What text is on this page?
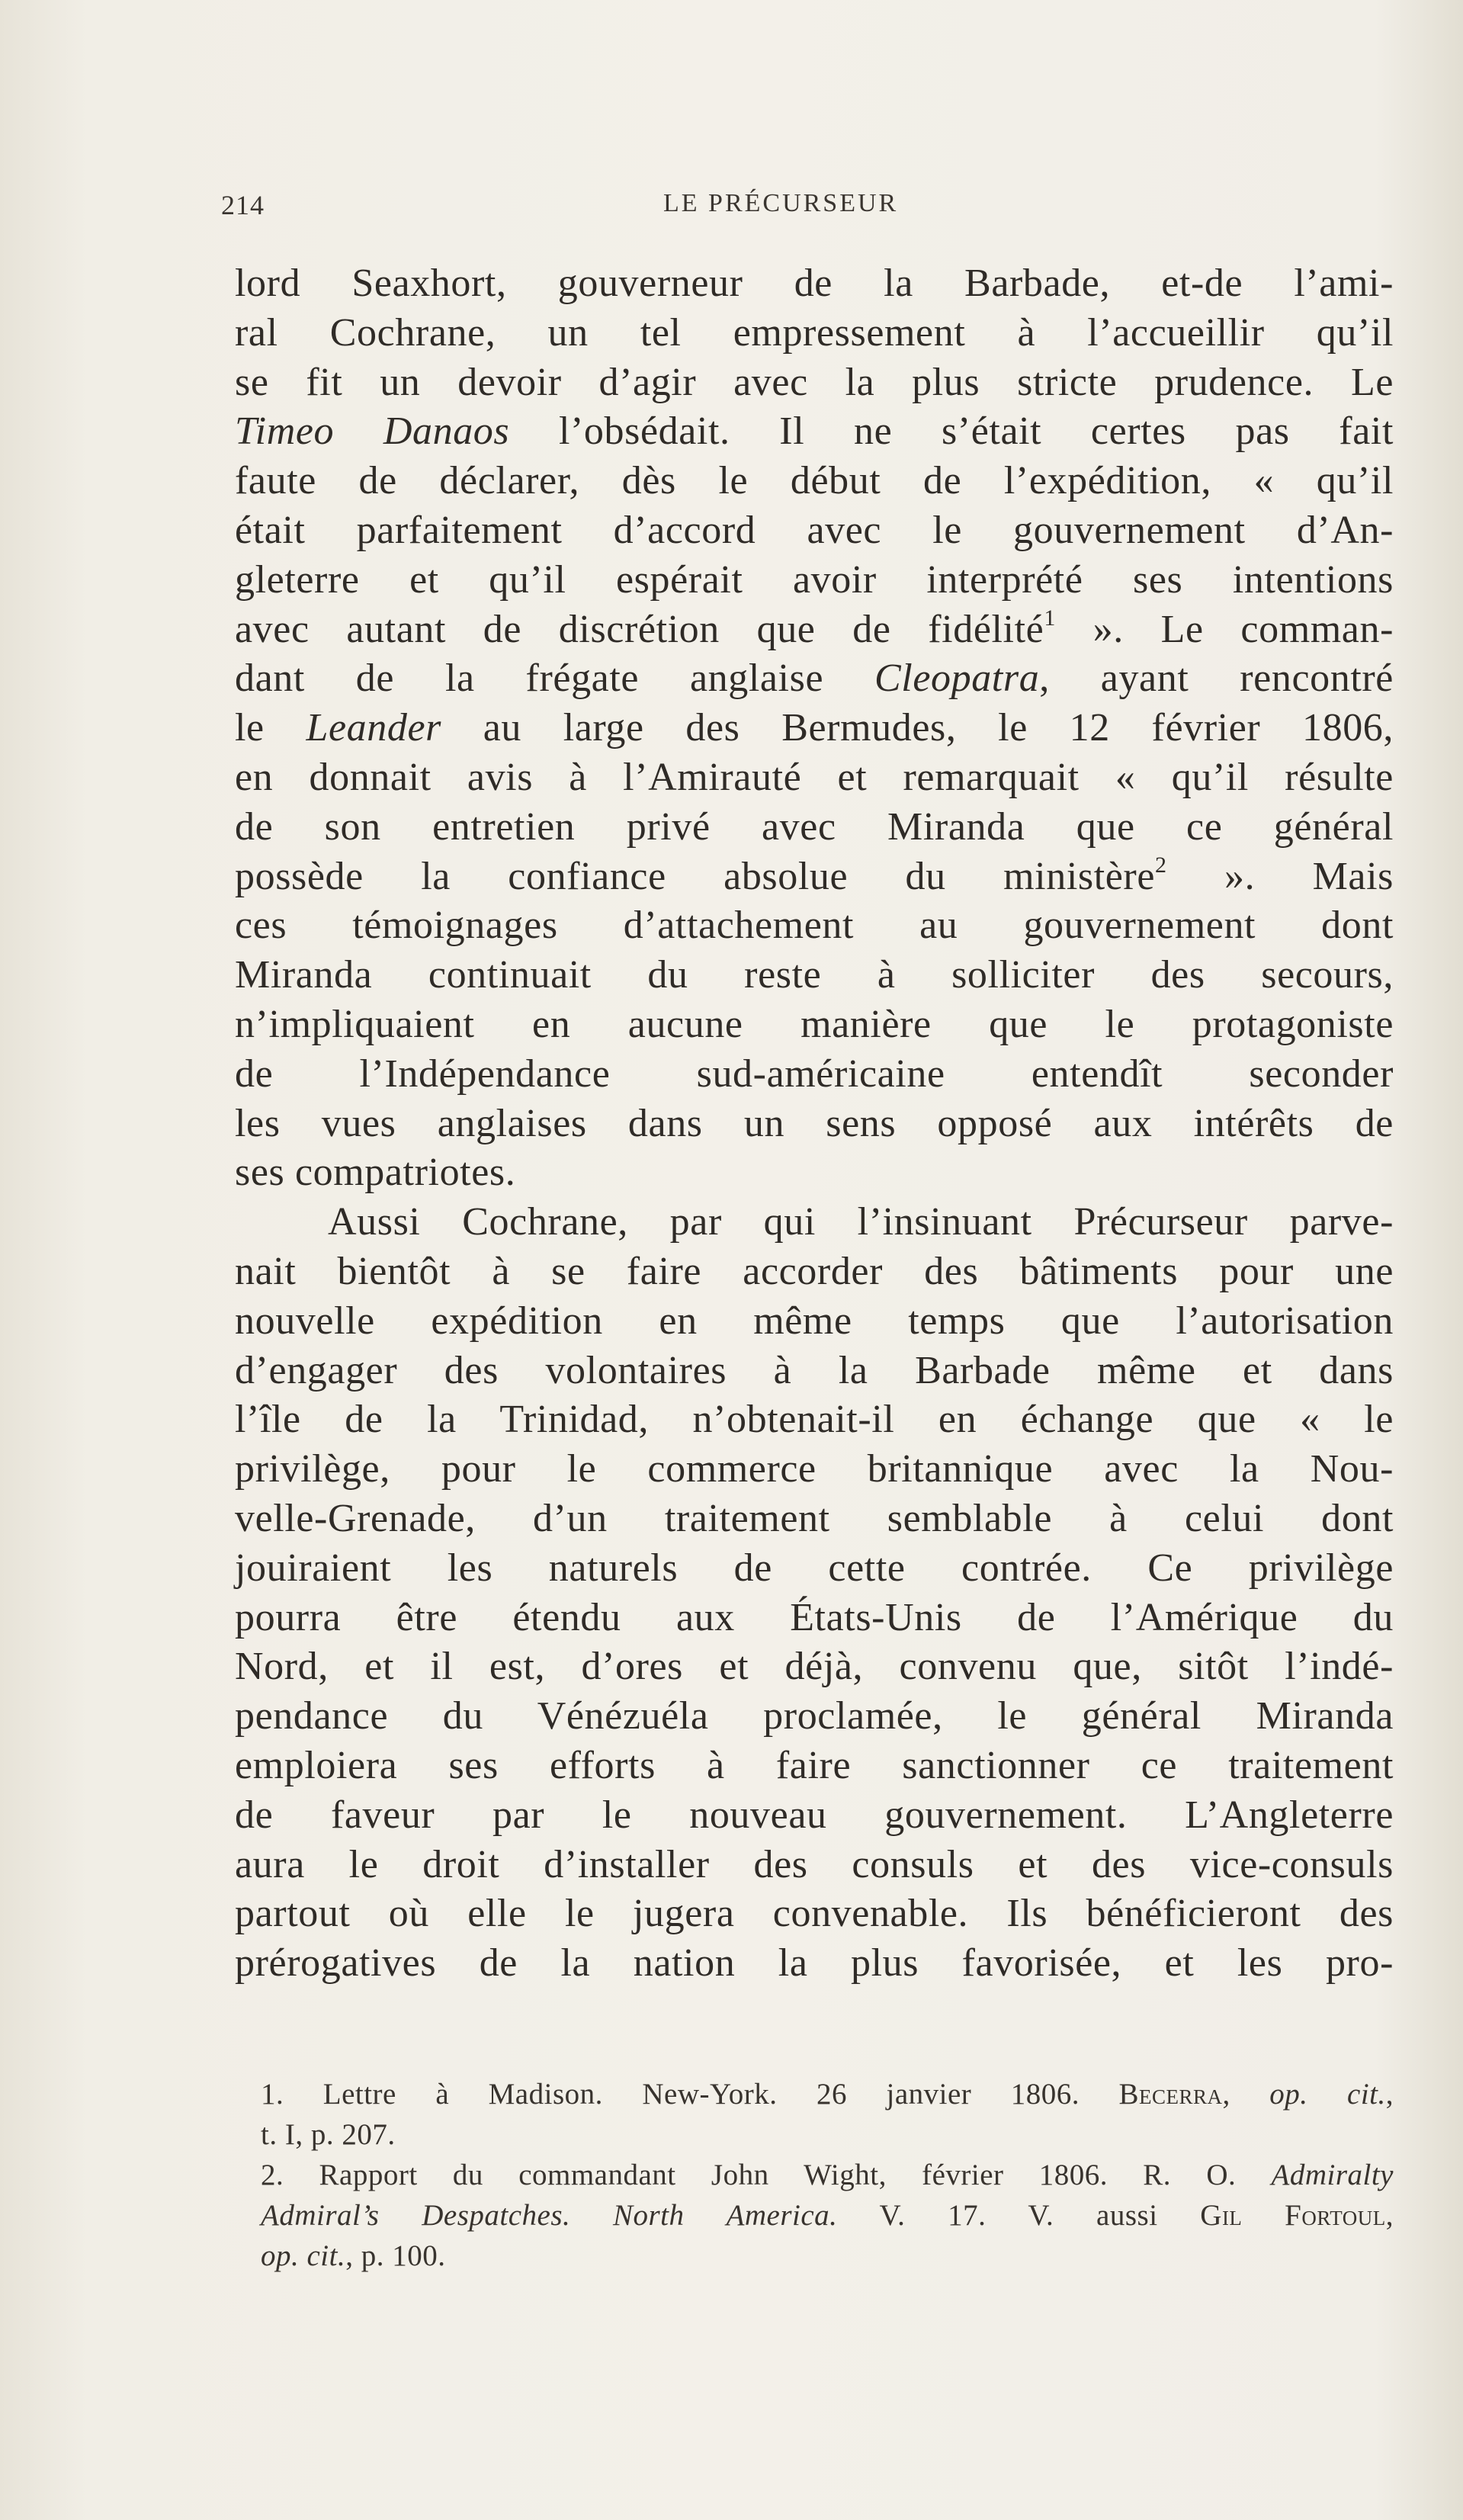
214	LE PRÉCURSEUR
lord Seaxhort, gouverneur de la Barbade, et-de l’ami-
ral Cochrane, un tel empressement à l’accueillir qu’il
se fit un devoir d’agir avec la plus stricte prudence. Le
Timeo Danaos l’obsédait. Il ne s’était certes pas fait
faute de déclarer, dès le début de l’expédition, « qu’il
était parfaitement d’accord avec le gouvernement d’An-
gleterre et qu’il espérait avoir interprété ses intentions
avec autant de discrétion que de fidélité$^1$ ». Le comman-
dant de la frégate anglaise Cleopatra, ayant rencontré
le Leander au large des Bermudes, le 12 février 1806,
en donnait avis à l’Amirauté et remarquait « qu’il résulte
de son entretien privé avec Miranda que ce général
possède la confiance absolue du ministère$^2$ ». Mais
ces témoignages d’attachement au gouvernement dont
Miranda continuait du reste à solliciter des secours,
n’impliquaient en aucune manière que le protagoniste
de l’Indépendance sud-américaine entendît seconder
les vues anglaises dans un sens opposé aux intérêts de
ses compatriotes.
Aussi Cochrane, par qui l’insinuant Précurseur parve-
nait bientôt à se faire accorder des bâtiments pour une
nouvelle expédition en même temps que l’autorisation
d’engager des volontaires à la Barbade même et dans
l’île de la Trinidad, n’obtenait-il en échange que « le
privilège, pour le commerce britannique avec la Nou-
velle-Grenade, d’un traitement semblable à celui dont
jouiraient les naturels de cette contrée. Ce privilège
pourra être étendu aux États-Unis de l’Amérique du
Nord, et il est, d’ores et déjà, convenu que, sitôt l’indé-
pendance du Vénézuéla proclamée, le général Miranda
emploiera ses efforts à faire sanctionner ce traitement
de faveur par le nouveau gouvernement. L’Angleterre
aura le droit d’installer des consuls et des vice-consuls
partout où elle le jugera convenable. Ils bénéficieront des
prérogatives de la nation la plus favorisée, et les pro-
1. Lettre à Madison. New-York. 26 janvier 1806. Becerra, op. cit.,
t. I, p. 207.
2. Rapport du commandant John Wight, février 1806. R. O. Admiralty
Admiral’s Despatches. North America. V. 17. V. aussi Gil Fortoul,
op. cit., p. 100.
